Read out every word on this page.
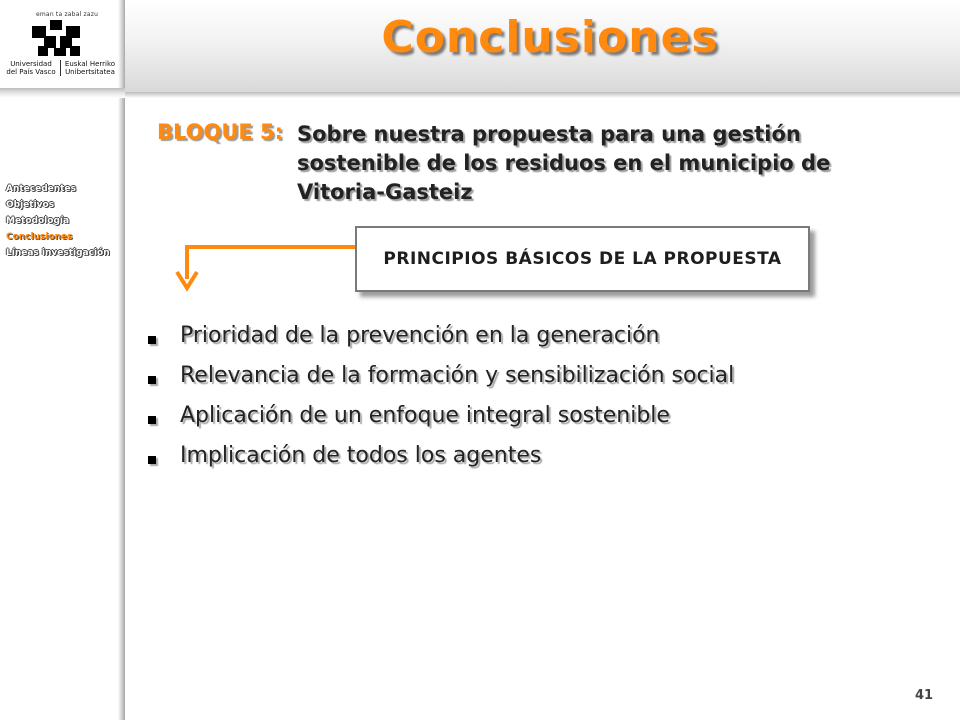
eman ta zabal zazu
Universidad
del País Vasco
Euskal Herriko
Unibertsitatea
Conclusiones
Antecedentes
Objetivos
Metodología
Conclusiones
Líneas investigación
BLOQUE 5: Sobre nuestra propuesta para una gestión sostenible de los residuos en el municipio de Vitoria-Gasteiz
PRINCIPIOS BÁSICOS DE LA PROPUESTA
Prioridad de la prevención en la generación
Relevancia de la formación y sensibilización social
Aplicación de un enfoque integral sostenible
Implicación de todos los agentes
41
